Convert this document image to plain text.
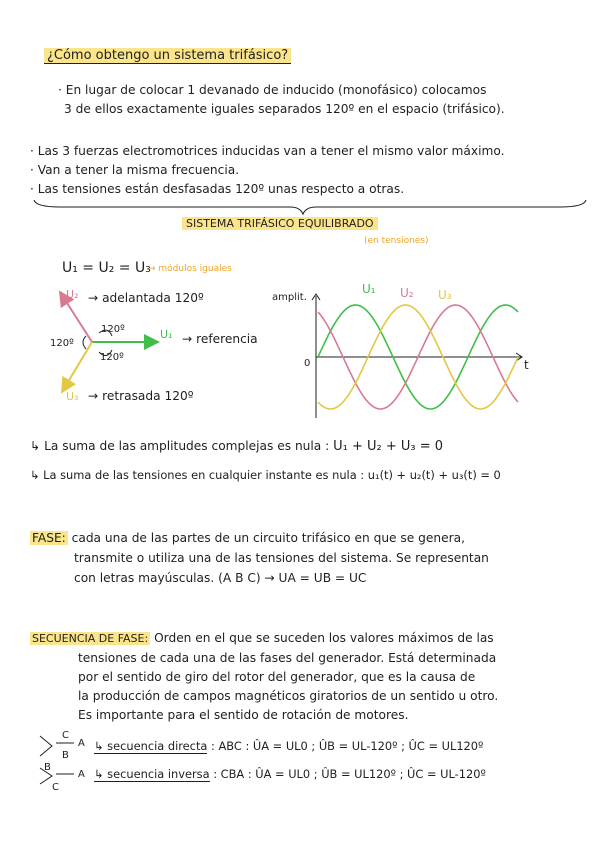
¿Cómo obtengo un sistema trifásico?
· En lugar de colocar 1 devanado de inducido (monofásico) colocamos
3 de ellos exactamente iguales separados 120º en el espacio (trifásico).
· Las 3 fuerzas electromotrices inducidas van a tener el mismo valor máximo.
· Van a tener la misma frecuencia.
· Las tensiones están desfasadas 120º unas respecto a otras.
SISTEMA TRIFÁSICO EQUILIBRADO
(en tensiones)
U₁ = U₂ = U₃
→ módulos iguales
U₂ → adelantada 120º
120º
120º
120º
U₁ → referencia
U₃ → retrasada 120º
amplit.
0	t
U₁ U₂ U₃
↳ La suma de las amplitudes complejas es nula : U₁ + U₂ + U₃ = 0
↳ La suma de las tensiones en cualquier instante es nula : u₁(t) + u₂(t) + u₃(t) = 0
FASE: cada una de las partes de un circuito trifásico en que se genera,
transmite o utiliza una de las tensiones del sistema. Se representan
con letras mayúsculas. (A B C) → UA = UB = UC
SECUENCIA DE FASE: Orden en el que se suceden los valores máximos de las
tensiones de cada una de las fases del generador. Está determinada
por el sentido de giro del rotor del generador, que es la causa de
la producción de campos magnéticos giratorios de un sentido u otro.
Es importante para el sentido de rotación de motores.
C
A
B
B
A
C
↳ secuencia directa : ABC : ÛA = UL0 ; ÛB = UL-120º ; ÛC = UL120º
↳ secuencia inversa : CBA : ÛA = UL0 ; ÛB = UL120º ; ÛC = UL-120º
